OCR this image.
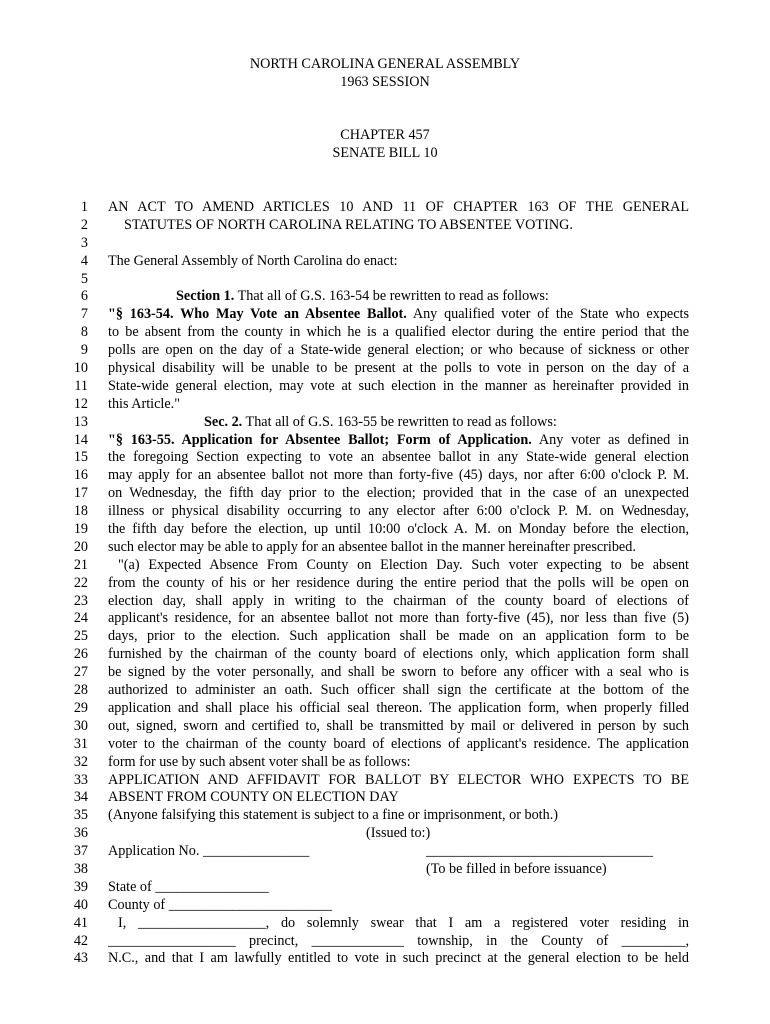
NORTH CAROLINA GENERAL ASSEMBLY
1963 SESSION
CHAPTER 457
SENATE BILL 10
1 AN ACT TO AMEND ARTICLES 10 AND 11 OF CHAPTER 163 OF THE GENERAL
2	STATUTES OF NORTH CAROLINA RELATING TO ABSENTEE VOTING.
3
4 The General Assembly of North Carolina do enact:
5
6	Section 1. That all of G.S. 163-54 be rewritten to read as follows:
7 "§ 163-54. Who May Vote an Absentee Ballot. Any qualified voter of the State who expects
8 to be absent from the county in which he is a qualified elector during the entire period that the
9 polls are open on the day of a State-wide general election; or who because of sickness or other
10 physical disability will be unable to be present at the polls to vote in person on the day of a
11 State-wide general election, may vote at such election in the manner as hereinafter provided in
12 this Article."
13	Sec. 2. That all of G.S. 163-55 be rewritten to read as follows:
14 "§ 163-55. Application for Absentee Ballot; Form of Application. Any voter as defined in
15 the foregoing Section expecting to vote an absentee ballot in any State-wide general election
16 may apply for an absentee ballot not more than forty-five (45) days, nor after 6:00 o'clock P. M.
17 on Wednesday, the fifth day prior to the election; provided that in the case of an unexpected
18 illness or physical disability occurring to any elector after 6:00 o'clock P. M. on Wednesday,
19 the fifth day before the election, up until 10:00 o'clock A. M. on Monday before the election,
20 such elector may be able to apply for an absentee ballot in the manner hereinafter prescribed.
21 "(a) Expected Absence From County on Election Day. Such voter expecting to be absent
22 from the county of his or her residence during the entire period that the polls will be open on
23 election day, shall apply in writing to the chairman of the county board of elections of
24 applicant's residence, for an absentee ballot not more than forty-five (45), nor less than five (5)
25 days, prior to the election. Such application shall be made on an application form to be
26 furnished by the chairman of the county board of elections only, which application form shall
27 be signed by the voter personally, and shall be sworn to before any officer with a seal who is
28 authorized to administer an oath. Such officer shall sign the certificate at the bottom of the
29 application and shall place his official seal thereon. The application form, when properly filled
30 out, signed, sworn and certified to, shall be transmitted by mail or delivered in person by such
31 voter to the chairman of the county board of elections of applicant's residence. The application
32 form for use by such absent voter shall be as follows:
33 APPLICATION AND AFFIDAVIT FOR BALLOT BY ELECTOR WHO EXPECTS TO BE
34 ABSENT FROM COUNTY ON ELECTION DAY
35 (Anyone falsifying this statement is subject to a fine or imprisonment, or both.)
36	(Issued to:)
37 Application No. _______________	________________________________
38	(To be filled in before issuance)
39 State of ________________
40 County of _______________________
41 I, __________________, do solemnly swear that I am a registered voter residing in
42 __________________ precinct, _____________ township, in the County of _________,
43 N.C., and that I am lawfully entitled to vote in such precinct at the general election to be held
